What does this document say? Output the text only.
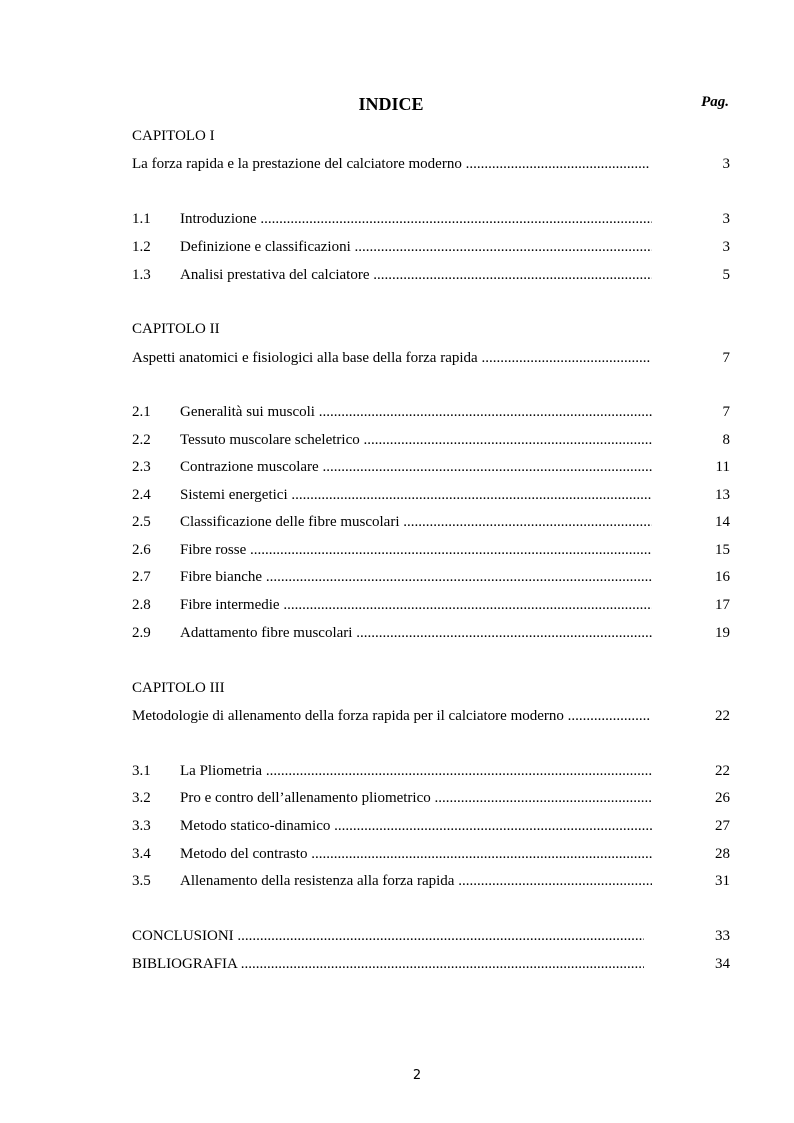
INDICE	Pag.
CAPITOLO I
La forza rapida e la prestazione del calciatore moderno .....	3
1.1 Introduzione .....	3
1.2 Definizione e classificazioni .....	3
1.3 Analisi prestativa del calciatore .....	5
CAPITOLO II
Aspetti anatomici e fisiologici alla base della forza rapida .....	7
2.1 Generalità sui muscoli .....	7
2.2 Tessuto muscolare scheletrico .....	8
2.3 Contrazione muscolare .....	11
2.4 Sistemi energetici .....	13
2.5 Classificazione delle fibre muscolari .....	14
2.6 Fibre rosse .....	15
2.7 Fibre bianche .....	16
2.8 Fibre intermedie .....	17
2.9 Adattamento fibre muscolari .....	19
CAPITOLO III
Metodologie di allenamento della forza rapida per il calciatore moderno .....	22
3.1 La Pliometria .....	22
3.2 Pro e contro dell’allenamento pliometrico .....	26
3.3 Metodo statico-dinamico .....	27
3.4 Metodo del contrasto .....	28
3.5 Allenamento della resistenza alla forza rapida .....	31
CONCLUSIONI .....	33
BIBLIOGRAFIA .....	34
2
